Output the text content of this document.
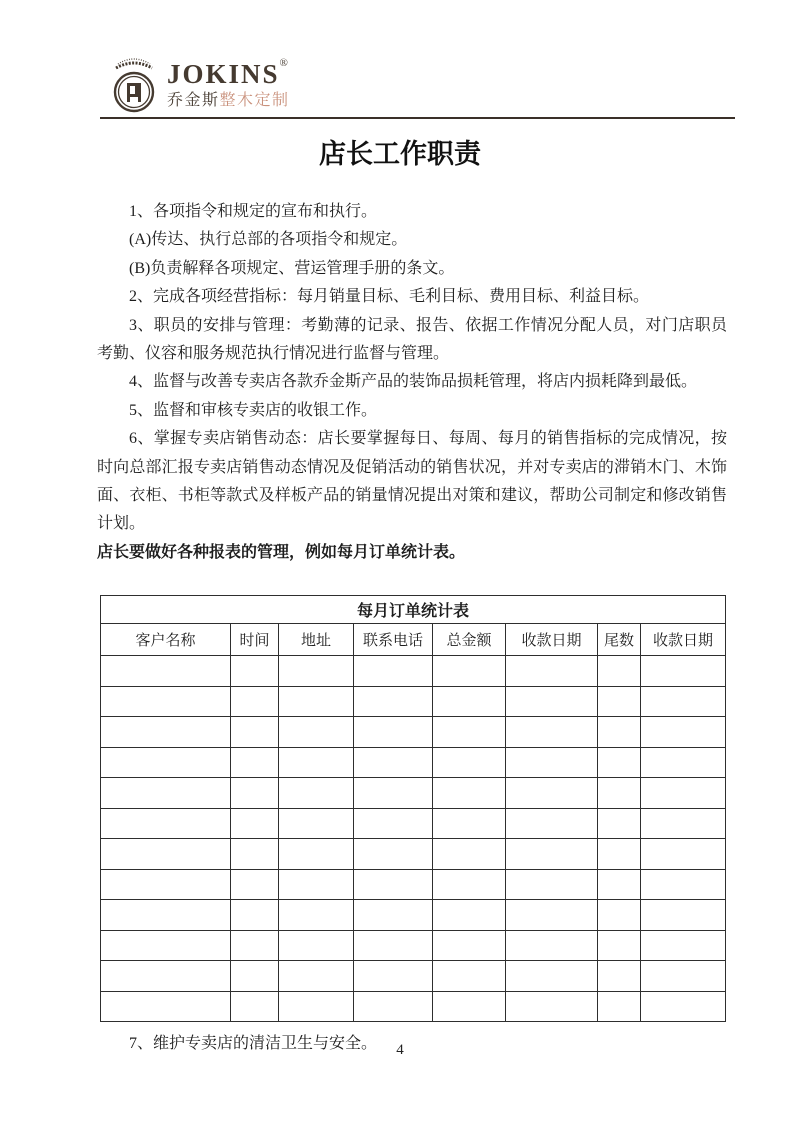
JOKINS ®
乔金斯整木定制
店长工作职责

1、各项指令和规定的宣布和执行。

(A)传达、执行总部的各项指令和规定。

(B)负责解释各项规定、营运管理手册的条文。

2、完成各项经营指标：每月销量目标、毛利目标、费用目标、利益目标。

3、职员的安排与管理：考勤薄的记录、报告、依据工作情况分配人员，对门店职员考勤、仪容和服务规范执行情况进行监督与管理。

4、监督与改善专卖店各款乔金斯产品的装饰品损耗管理，将店内损耗降到最低。

5、监督和审核专卖店的收银工作。

6、掌握专卖店销售动态：店长要掌握每日、每周、每月的销售指标的完成情况，按时向总部汇报专卖店销售动态情况及促销活动的销售状况，并对专卖店的滞销木门、木饰面、衣柜、书柜等款式及样板产品的销量情况提出对策和建议，帮助公司制定和修改销售计划。

店长要做好各种报表的管理，例如每月订单统计表。

每月订单统计表							
客户名称	时间	地址	联系电话	总金额	收款日期	尾数	收款日期

7、维护专卖店的清洁卫生与安全。	4
